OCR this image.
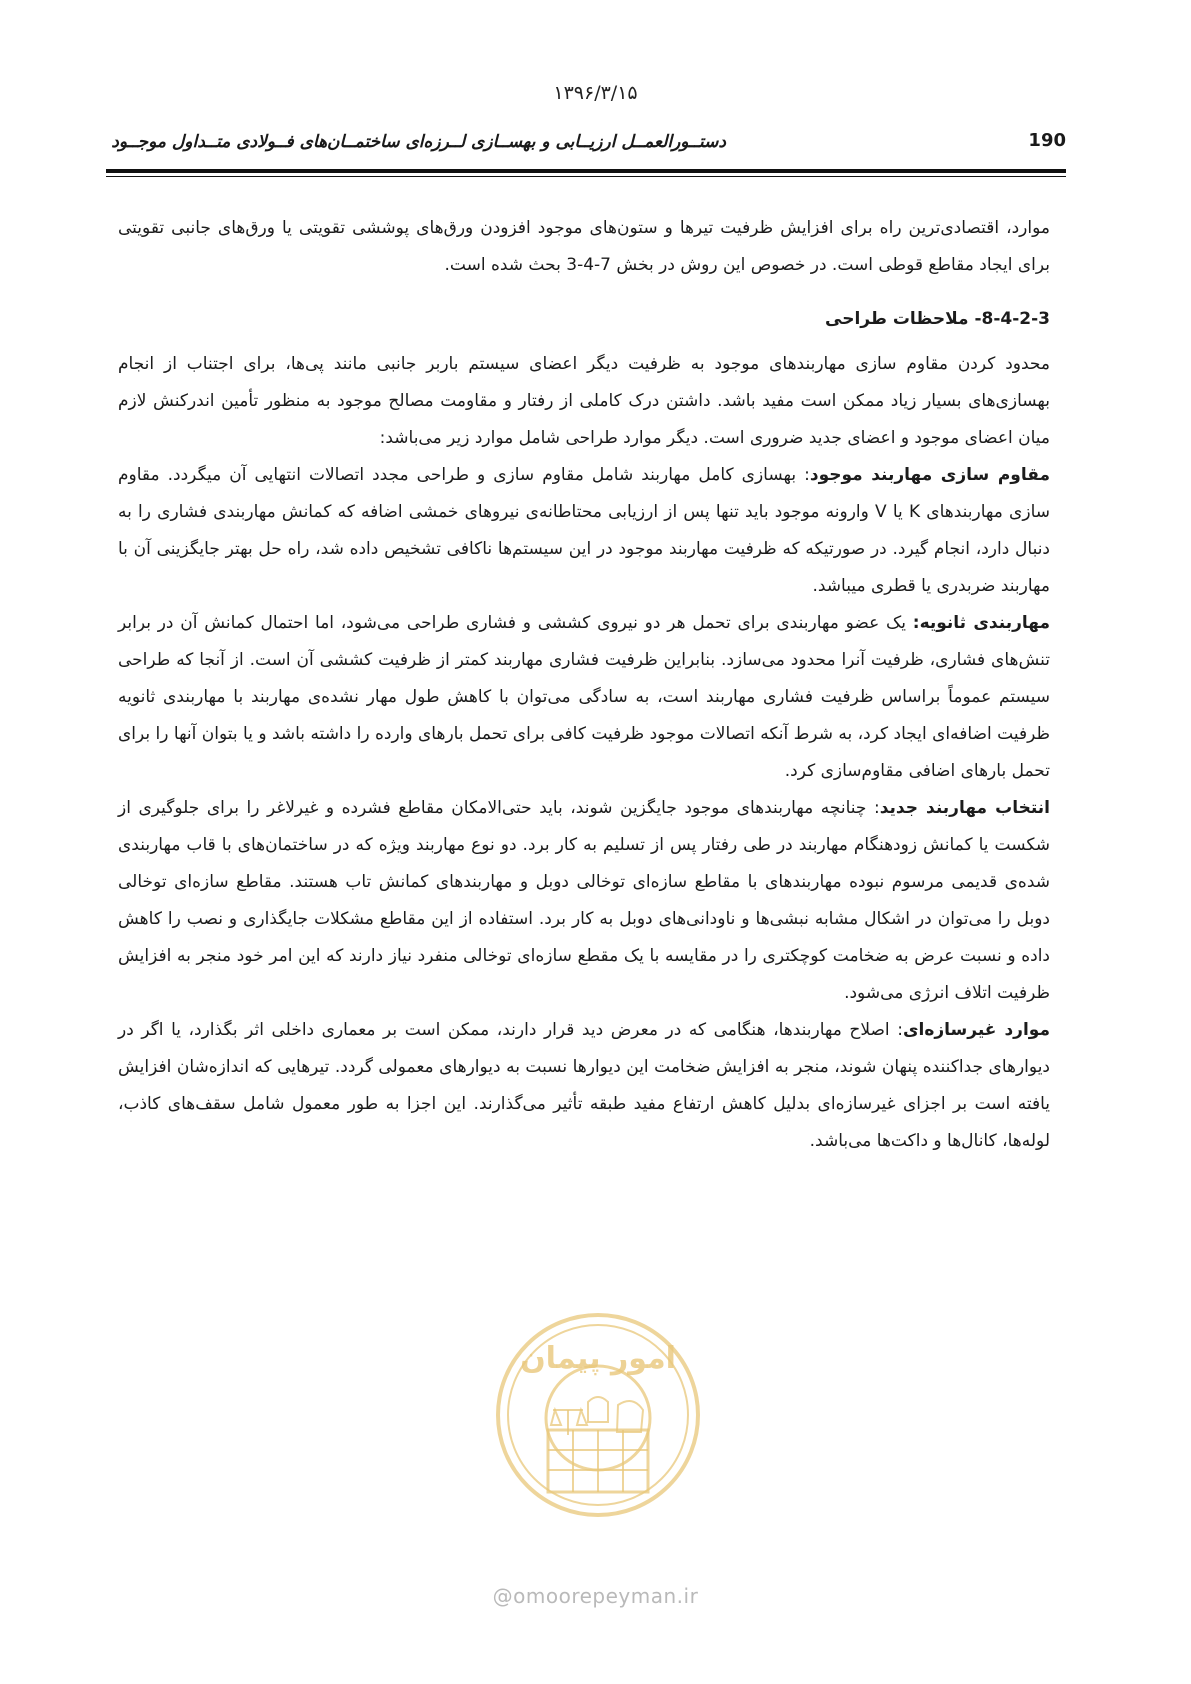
۱۳۹۶/۳/۱۵
دستــورالعمــل ارزیــابی و بهســازی لــرزه‌ای ساختمــان‌های فــولادی متــداول موجــود	190

موارد، اقتصادی‌ترین راه برای افزایش ظرفیت تیرها و ستون‌های موجود افزودن ورق‌های پوششی تقویتی یا ورق‌های جانبی تقویتی برای ایجاد مقاطع قوطی است. در خصوص این روش در بخش 7-4-3 بحث شده است.

8-4-2-3- ملاحظات طراحی

محدود کردن مقاوم سازی مهاربندهای موجود به ظرفیت دیگر اعضای سیستم باربر جانبی مانند پی‌ها، برای اجتناب از انجام بهسازی‌های بسیار زیاد ممکن است مفید باشد. داشتن درک کاملی از رفتار و مقاومت مصالح موجود به منظور تأمین اندرکنش لازم میان اعضای موجود و اعضای جدید ضروری است. دیگر موارد طراحی شامل موارد زیر می‌باشد:

مقاوم سازی مهاربند موجود: بهسازی کامل مهاربند شامل مقاوم سازی و طراحی مجدد اتصالات انتهایی آن میگردد. مقاوم سازی مهاربندهای K یا V وارونه موجود باید تنها پس از ارزیابی محتاطانه‌ی نیروهای خمشی اضافه که کمانش مهاربندی فشاری را به دنبال دارد، انجام گیرد. در صورتیکه که ظرفیت مهاربند موجود در این سیستم‌ها ناکافی تشخیص داده شد، راه حل بهتر جایگزینی آن با مهاربند ضربدری یا قطری میباشد.

مهاربندی ثانویه: یک عضو مهاربندی برای تحمل هر دو نیروی کششی و فشاری طراحی می‌شود، اما احتمال کمانش آن در برابر تنش‌های فشاری، ظرفیت آنرا محدود می‌سازد. بنابراین ظرفیت فشاری مهاربند کمتر از ظرفیت کششی آن است. از آنجا که طراحی سیستم عموماً براساس ظرفیت فشاری مهاربند است، به سادگی می‌توان با کاهش طول مهار نشده‌ی مهاربند با مهاربندی ثانویه ظرفیت اضافه‌ای ایجاد کرد، به شرط آنکه اتصالات موجود ظرفیت کافی برای تحمل بارهای وارده را داشته باشد و یا بتوان آنها را برای تحمل بارهای اضافی مقاوم‌سازی کرد.

انتخاب مهاربند جدید: چنانچه مهاربندهای موجود جایگزین شوند، باید حتی‌الامکان مقاطع فشرده و غیرلاغر را برای جلوگیری از شکست یا کمانش زودهنگام مهاربند در طی رفتار پس از تسلیم به کار برد. دو نوع مهاربند ویژه که در ساختمان‌های با قاب مهاربندی شده‌ی قدیمی مرسوم نبوده مهاربندهای با مقاطع سازه‌ای توخالی دوبل و مهاربندهای کمانش تاب هستند. مقاطع سازه‌ای توخالی دوبل را می‌توان در اشکال مشابه نبشی‌ها و ناودانی‌های دوبل به کار برد. استفاده از این مقاطع مشکلات جایگذاری و نصب را کاهش داده و نسبت عرض به ضخامت کوچکتری را در مقایسه با یک مقطع سازه‌ای توخالی منفرد نیاز دارند که این امر خود منجر به افزایش ظرفیت اتلاف انرژی می‌شود.

موارد غیرسازه‌ای: اصلاح مهاربندها، هنگامی که در معرض دید قرار دارند، ممکن است بر معماری داخلی اثر بگذارد، یا اگر در دیوارهای جداکننده پنهان شوند، منجر به افزایش ضخامت این دیوارها نسبت به دیوارهای معمولی گردد. تیرهایی که اندازه‌شان افزایش یافته است بر اجزای غیرسازه‌ای بدلیل کاهش ارتفاع مفید طبقه تأثیر می‌گذارند. این اجزا به طور معمول شامل سقف‌های کاذب، لوله‌ها، کانال‌ها و داکت‌ها می‌باشد.

امور پیمان
@omoorepeyman.ir
